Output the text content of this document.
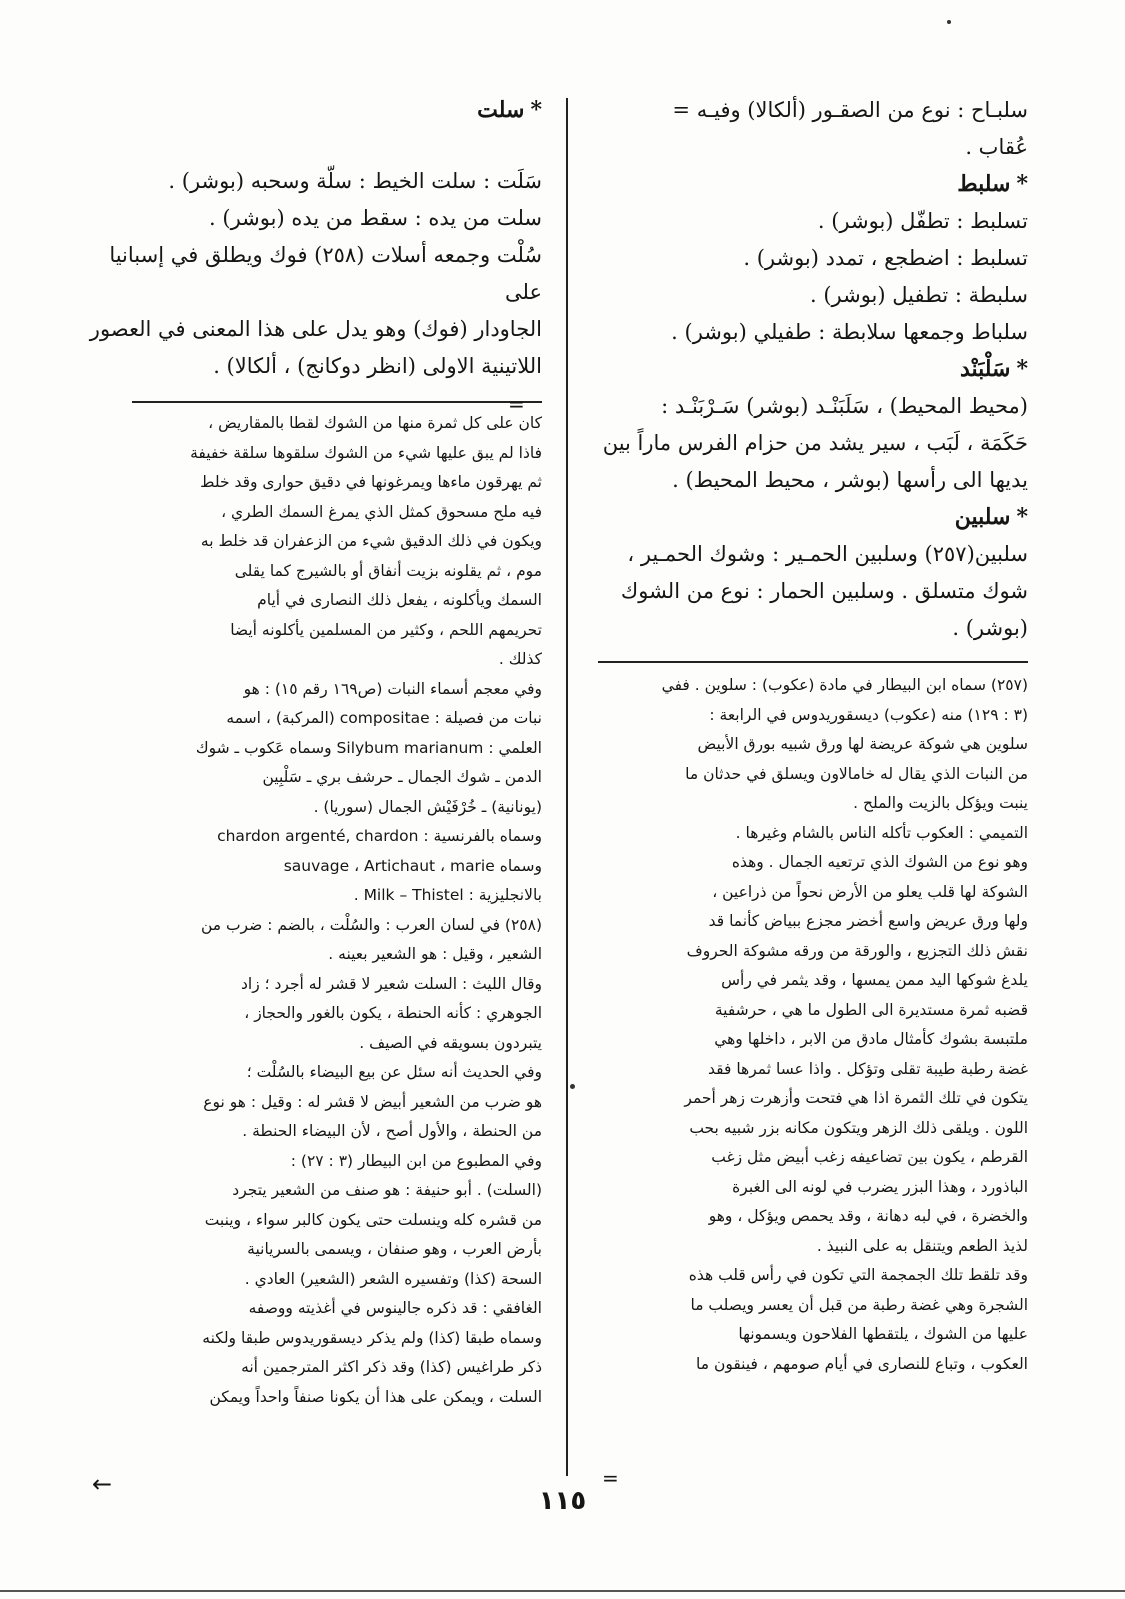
سلبـاح : نوع من الصقـور (ألكالا) وفيـه =
عُقاب .
*سلبط
تسلبط : تطفّل (بوشر) .
تسلبط : اضطجع ، تمدد (بوشر) .
سلبطة : تطفيل (بوشر) .
سلباط وجمعها سلابطة : طفيلي (بوشر) .
*سَلْبَنْد
(محيط المحيط) ، سَلَبَنْـد (بوشر) سَـرْبَنْـد :
حَكَمَة ، لَبَب ، سير يشد من حزام الفرس ماراً بين
يديها الى رأسها (بوشر ، محيط المحيط) .
*سلبين
سلبين(٢٥٧) وسلبين الحمـير : وشوك الحمـير ،
شوك متسلق . وسلبين الحمار : نوع من الشوك
(بوشر) .

(٢٥٧) سماه ابن البيطار في مادة (عكوب) : سلوين . ففي

(٣ : ١٢٩) منه (عكوب) ديسقوريدوس في الرابعة :

سلوين هي شوكة عريضة لها ورق شبيه بورق الأبيض

من النبات الذي يقال له خامالاون ويسلق في حدثان ما

ينبت ويؤكل بالزيت والملح .

التميمي : العكوب تأكله الناس بالشام وغيرها .

وهو نوع من الشوك الذي ترتعيه الجمال . وهذه

الشوكة لها قلب يعلو من الأرض نحواً من ذراعين ،

ولها ورق عريض واسع أخضر مجزع ببياض كأنما قد

نقش ذلك التجزيع ، والورقة من ورقه مشوكة الحروف

يلدغ شوكها اليد ممن يمسها ، وقد يثمر في رأس

قضبه ثمرة مستديرة الى الطول ما هي ، حرشفية

ملتبسة بشوك كأمثال مادق من الابر ، داخلها وهي

غضة رطبة طيبة تقلى وتؤكل . واذا عسا ثمرها فقد

يتكون في تلك الثمرة اذا هي فتحت وأزهرت زهر أحمر

اللون . ويلقى ذلك الزهر ويتكون مكانه بزر شبيه بحب

القرطم ، يكون بين تضاعيفه زغب أبيض مثل زغب

الباذورد ، وهذا البزر يضرب في لونه الى الغبرة

والخضرة ، في لبه دهانة ، وقد يحمص ويؤكل ، وهو

لذيذ الطعم ويتنقل به على النبيذ .

وقد تلقط تلك الجمجمة التي تكون في رأس قلب هذه

الشجرة وهي غضة رطبة من قبل أن يعسر ويصلب ما

عليها من الشوك ، يلتقطها الفلاحون ويسمونها

العكوب ، وتباع للنصارى في أيام صومهم ، فينقون ما

*سلت
سَلَت : سلت الخيط : سلّة وسحبه (بوشر) .
سلت من يده : سقط من يده (بوشر) .
سُلْت وجمعه أسلات (٢٥٨) فوك ويطلق في إسبانيا على
الجاودار (فوك) وهو يدل على هذا المعنى في العصور
اللاتينية الاولى (انظر دوكانج) ، ألكالا) .

كان على كل ثمرة منها من الشوك لقطا بالمقاريض ،

فاذا لم يبق عليها شيء من الشوك سلقوها سلقة خفيفة

ثم يهرقون ماءها ويمرغونها في دقيق حوارى وقد خلط

فيه ملح مسحوق كمثل الذي يمرغ السمك الطري ،

ويكون في ذلك الدقيق شيء من الزعفران قد خلط به

موم ، ثم يقلونه بزيت أنفاق أو بالشيرج كما يقلى

السمك ويأكلونه ، يفعل ذلك النصارى في أيام

تحريمهم اللحم ، وكثير من المسلمين يأكلونه أيضا

كذلك .

وفي معجم أسماء النبات (ص١٦٩ رقم ١٥) : هو

نبات من فصيلة : compositae (المركبة) ، اسمه

العلمي : Silybum marianum وسماه عَكوب ـ شوك

الدمن ـ شوك الجمال ـ حرشف بري ـ سَلْبِين

(يونانية) ـ خُرْفَيْش الجمال (سوريا) .

وسماه بالفرنسية : chardon argenté, chardon

وسماه sauvage ، Artichaut ، marie

بالانجليزية : Milk – Thistel .

(٢٥٨) في لسان العرب : والسُلْت ، بالضم : ضرب من

الشعير ، وقيل : هو الشعير بعينه .

وقال الليث : السلت شعير لا قشر له أجرد ؛ زاد

الجوهري : كأنه الحنطة ، يكون بالغور والحجاز ،

يتبردون بسويقه في الصيف .

وفي الحديث أنه سئل عن بيع البيضاء بالسُلْت ؛

هو ضرب من الشعير أبيض لا قشر له : وقيل : هو نوع

من الحنطة ، والأول أصح ، لأن البيضاء الحنطة .

وفي المطبوع من ابن البيطار (٣ : ٢٧) :

(السلت) . أبو حنيفة : هو صنف من الشعير يتجرد

من قشره كله وينسلت حتى يكون كالبر سواء ، وينبت

بأرض العرب ، وهو صنفان ، ويسمى بالسريانية

السحة (كذا) وتفسيره الشعر (الشعير) العادي .

الغافقي : قد ذكره جالينوس في أغذيته ووصفه

وسماه طبقا (كذا) ولم يذكر ديسقوريدوس طبقا ولكنه

ذكر طراغيس (كذا) وقد ذكر اكثر المترجمين أنه

السلت ، ويمكن على هذا أن يكونا صنفاً واحداً ويمكن

=
=
←
١١٥
